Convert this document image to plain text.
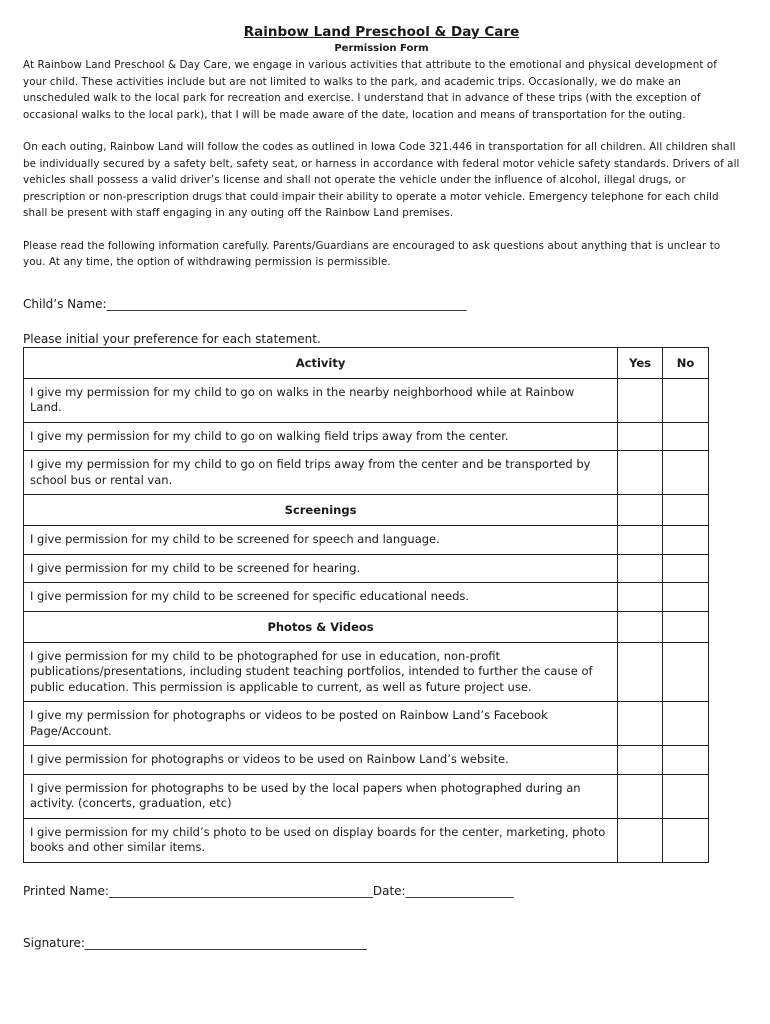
Rainbow Land Preschool & Day Care

Permission Form

At Rainbow Land Preschool & Day Care, we engage in various activities that attribute to the emotional and physical development of your child. These activities include but are not limited to walks to the park, and academic trips. Occasionally, we do make an unscheduled walk to the local park for recreation and exercise. I understand that in advance of these trips (with the exception of occasional walks to the local park), that I will be made aware of the date, location and means of transportation for the outing.

On each outing, Rainbow Land will follow the codes as outlined in Iowa Code 321.446 in transportation for all children. All children shall be individually secured by a safety belt, safety seat, or harness in accordance with federal motor vehicle safety standards. Drivers of all vehicles shall possess a valid driver’s license and shall not operate the vehicle under the influence of alcohol, illegal drugs, or prescription or non-prescription drugs that could impair their ability to operate a motor vehicle. Emergency telephone for each child shall be present with staff engaging in any outing off the Rainbow Land premises.

Please read the following information carefully. Parents/Guardians are encouraged to ask questions about anything that is unclear to you. At any time, the option of withdrawing permission is permissible.

Child’s Name:____________________________________________________________

Please initial your preference for each statement.

Activity	Yes	No
I give my permission for my child to go on walks in the nearby neighborhood while at Rainbow Land.		
I give my permission for my child to go on walking field trips away from the center.		
I give my permission for my child to go on field trips away from the center and be transported by school bus or rental van.		
Screenings		
I give permission for my child to be screened for speech and language.		
I give permission for my child to be screened for hearing.		
I give permission for my child to be screened for specific educational needs.		
Photos & Videos		
I give permission for my child to be photographed for use in education, non-profit publications/presentations, including student teaching portfolios, intended to further the cause of public education. This permission is applicable to current, as well as future project use.		
I give my permission for photographs or videos to be posted on Rainbow Land’s Facebook Page/Account.		
I give permission for photographs or videos to be used on Rainbow Land’s website.		
I give permission for photographs to be used by the local papers when photographed during an activity. (concerts, graduation, etc)		
I give permission for my child’s photo to be used on display boards for the center, marketing, photo books and other similar items.		

Printed Name:____________________________________________Date:__________________

Signature:_______________________________________________
